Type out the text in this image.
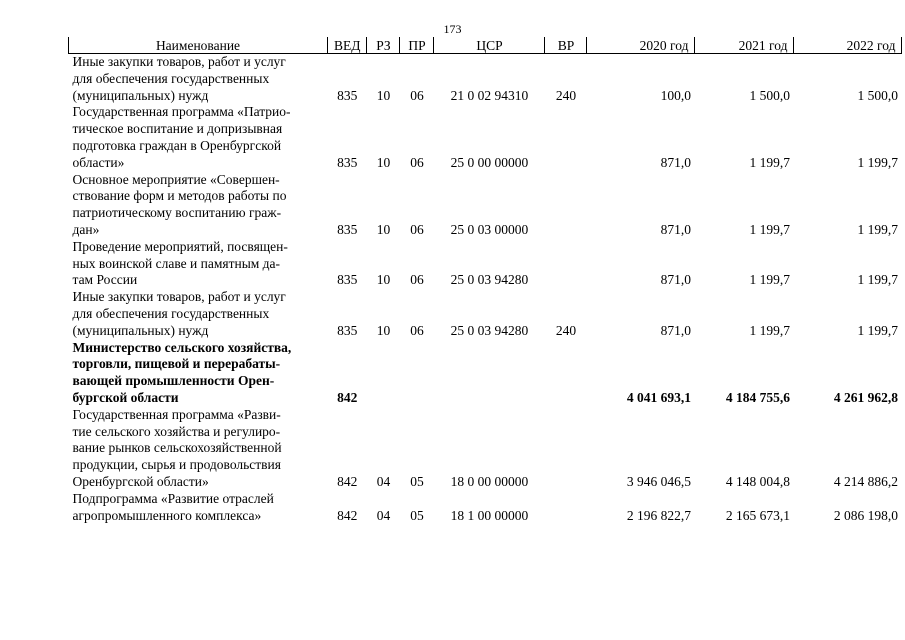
173
Наименование	ВЕД	РЗ	ПР	ЦСР	ВР	2020 год	2021 год	2022 год

Иные закупки товаров, работ и услуг
для обеспечения государственных
(муниципальных) нужд	835	10	06	21 0 02 94310	240	100,0	1 500,0	1 500,0

Государственная программа «Патрио-
тическое воспитание и допризывная
подготовка граждан в Оренбургской
области»	835	10	06	25 0 00 00000		871,0	1 199,7	1 199,7

Основное мероприятие «Совершен-
ствование форм и методов работы по
патриотическому воспитанию граж-
дан»	835	10	06	25 0 03 00000		871,0	1 199,7	1 199,7

Проведение мероприятий, посвящен-
ных воинской славе и памятным да-
там России	835	10	06	25 0 03 94280		871,0	1 199,7	1 199,7

Иные закупки товаров, работ и услуг
для обеспечения государственных
(муниципальных) нужд	835	10	06	25 0 03 94280	240	871,0	1 199,7	1 199,7

Министерство сельского хозяйства,
торговли, пищевой и перерабаты-
вающей промышленности Орен-
бургской области	842					4 041 693,1	4 184 755,6	4 261 962,8

Государственная программа «Разви-
тие сельского хозяйства и регулиро-
вание рынков сельскохозяйственной
продукции, сырья и продовольствия
Оренбургской области»	842	04	05	18 0 00 00000		3 946 046,5	4 148 004,8	4 214 886,2

Подпрограмма «Развитие отраслей
агропромышленного комплекса»	842	04	05	18 1 00 00000		2 196 822,7	2 165 673,1	2 086 198,0
